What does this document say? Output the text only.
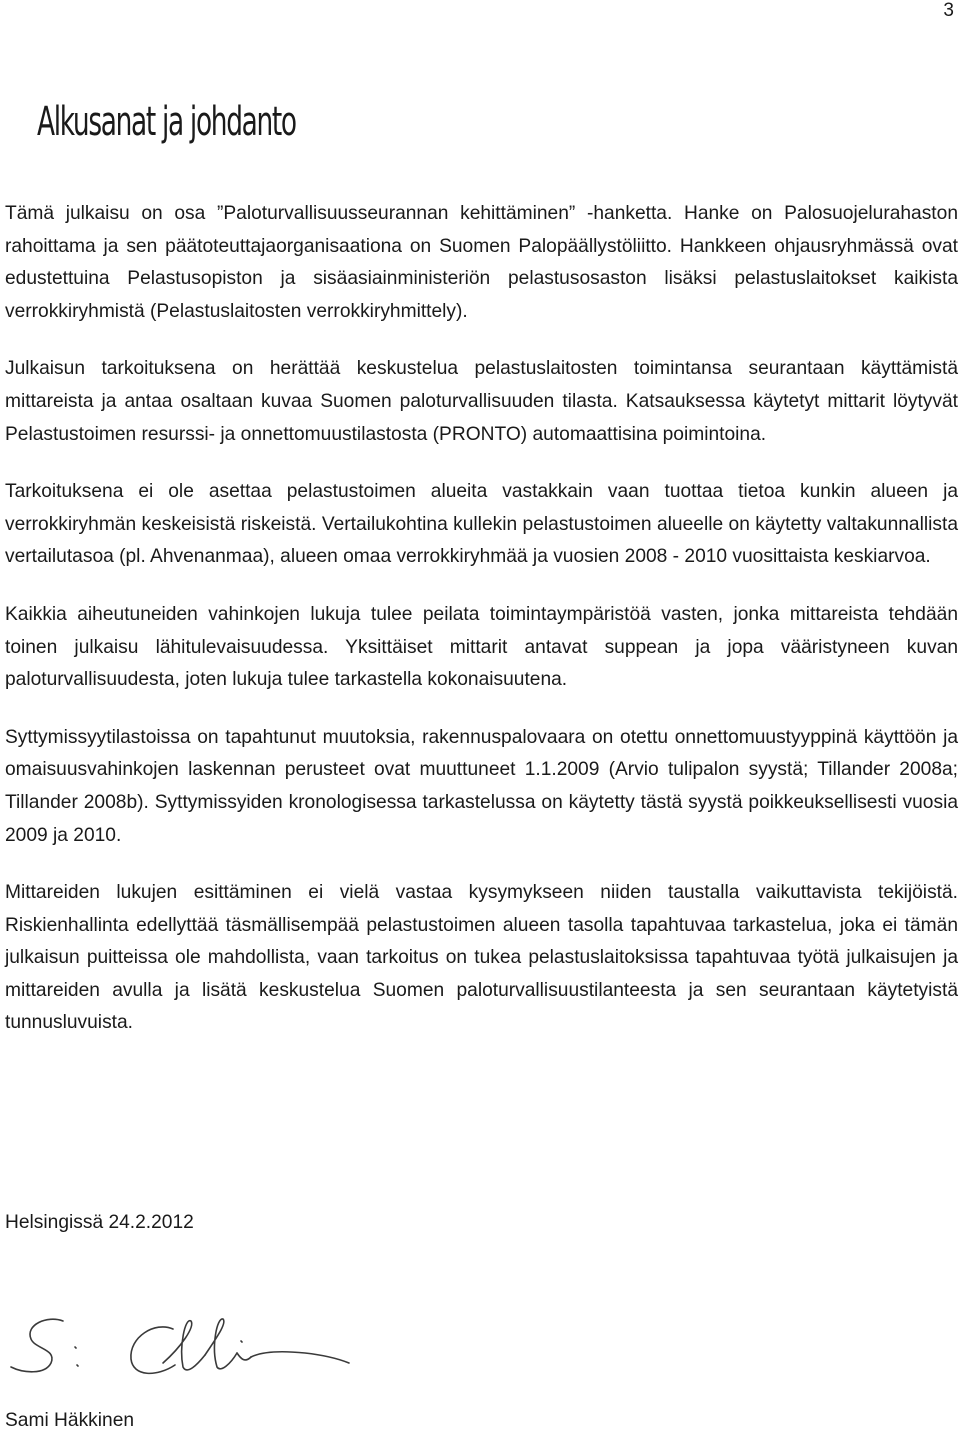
3
Alkusanat ja johdanto

Tämä julkaisu on osa ”Paloturvallisuusseurannan kehittäminen” -hanketta. Hanke on Palosuojelurahaston rahoittama ja sen päätoteuttajaorganisaationa on Suomen Palopäällystöliitto. Hankkeen ohjausryhmässä ovat edustettuina Pelastusopiston ja sisäasiainministeriön pelastusosaston lisäksi pelastuslaitokset kaikista verrokkiryhmistä (Pelastuslaitosten verrokkiryhmittely).

Julkaisun tarkoituksena on herättää keskustelua pelastuslaitosten toimintansa seurantaan käyttämistä mittareista ja antaa osaltaan kuvaa Suomen paloturvallisuuden tilasta. Katsauksessa käytetyt mittarit löytyvät Pelastustoimen resurssi- ja onnettomuustilastosta (PRONTO) automaattisina poimintoina.

Tarkoituksena ei ole asettaa pelastustoimen alueita vastakkain vaan tuottaa tietoa kunkin alueen ja verrokkiryhmän keskeisistä riskeistä. Vertailukohtina kullekin pelastustoimen alueelle on käytetty valtakunnallista vertailutasoa (pl. Ahvenanmaa), alueen omaa verrokkiryhmää ja vuosien 2008 - 2010 vuosittaista keskiarvoa.

Kaikkia aiheutuneiden vahinkojen lukuja tulee peilata toimintaympäristöä vasten, jonka mittareista tehdään toinen julkaisu lähitulevaisuudessa. Yksittäiset mittarit antavat suppean ja jopa vääristyneen kuvan paloturvallisuudesta, joten lukuja tulee tarkastella kokonaisuutena.

Syttymissyytilastoissa on tapahtunut muutoksia, rakennuspalovaara on otettu onnettomuustyyppinä käyttöön ja omaisuusvahinkojen laskennan perusteet ovat muuttuneet 1.1.2009 (Arvio tulipalon syystä; Tillander 2008a; Tillander 2008b). Syttymissyiden kronologisessa tarkastelussa on käytetty tästä syystä poikkeuksellisesti vuosia 2009 ja 2010.

Mittareiden lukujen esittäminen ei vielä vastaa kysymykseen niiden taustalla vaikuttavista tekijöistä. Riskienhallinta edellyttää täsmällisempää pelastustoimen alueen tasolla tapahtuvaa tarkastelua, joka ei tämän julkaisun puitteissa ole mahdollista, vaan tarkoitus on tukea pelastuslaitoksissa tapahtuvaa työtä julkaisujen ja mittareiden avulla ja lisätä keskustelua Suomen paloturvallisuustilanteesta ja sen seurantaan käytetyistä tunnusluvuista.

Helsingissä 24.2.2012

Sami Häkkinen
